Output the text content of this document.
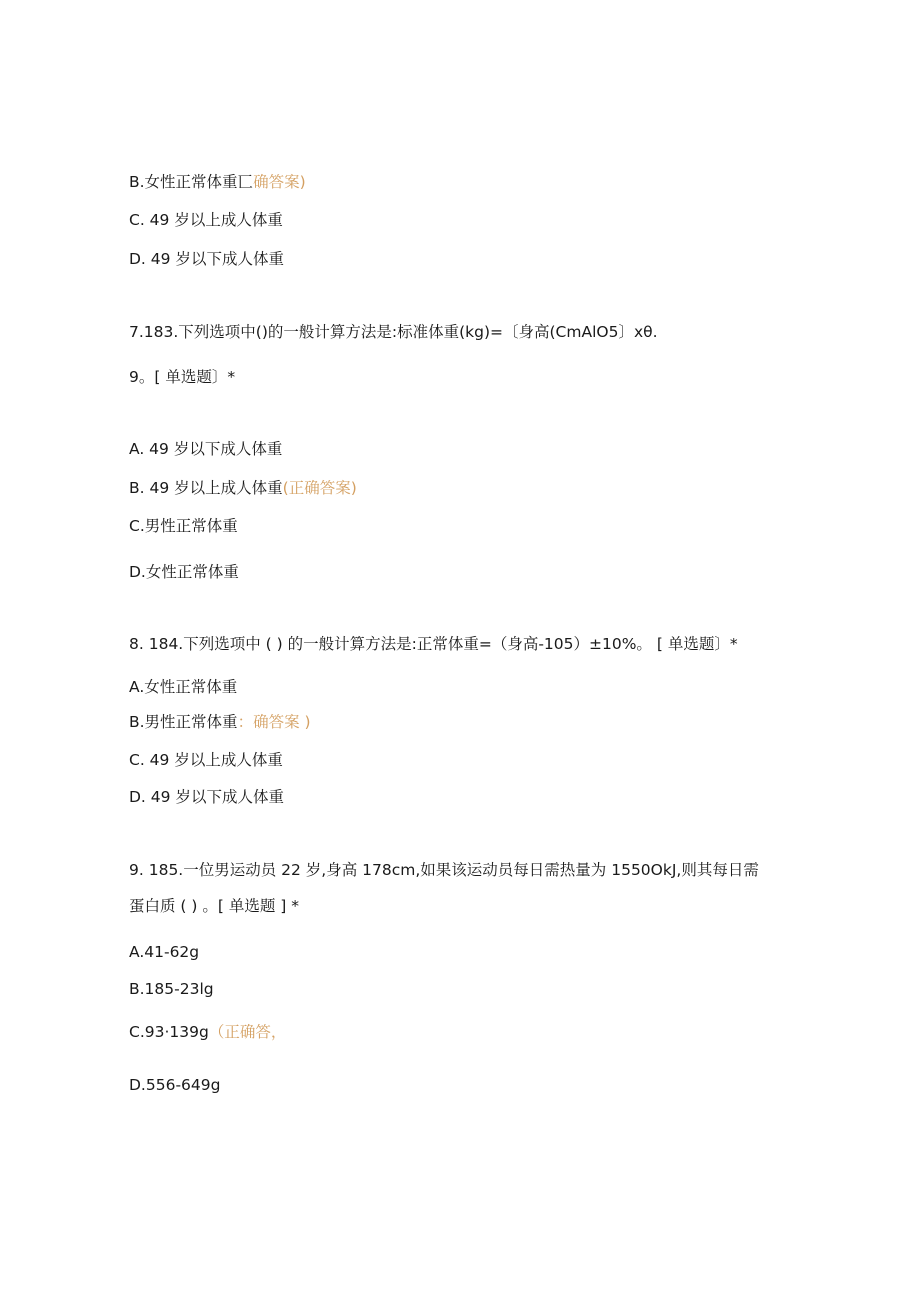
B.女性正常体重匸确答案)
C. 49 岁以上成人体重
D. 49 岁以下成人体重
7.183.下列选项中()的一般计算方法是:标准体重(kg)=〔身高(CmAlO5〕xθ.
9。[ 单选题〕*
A. 49 岁以下成人体重
B. 49 岁以上成人体重(正确答案)
C.男性正常体重
D.女性正常体重
8. 184.下列选项中 ( ) 的一般计算方法是:正常体重=（身高-105）±10%。 [ 单选题〕*
A.女性正常体重
B.男性正常体重：确答案 )
C. 49 岁以上成人体重
D. 49 岁以下成人体重
9. 185.一位男运动员 22 岁,身高 178cm,如果该运动员每日需热量为 1550OkJ,则其每日需
蛋白质 ( ) 。[ 单选题 ] *
A.41-62g
B.185-23lg
C.93·139g（正确答，
D.556-649g
